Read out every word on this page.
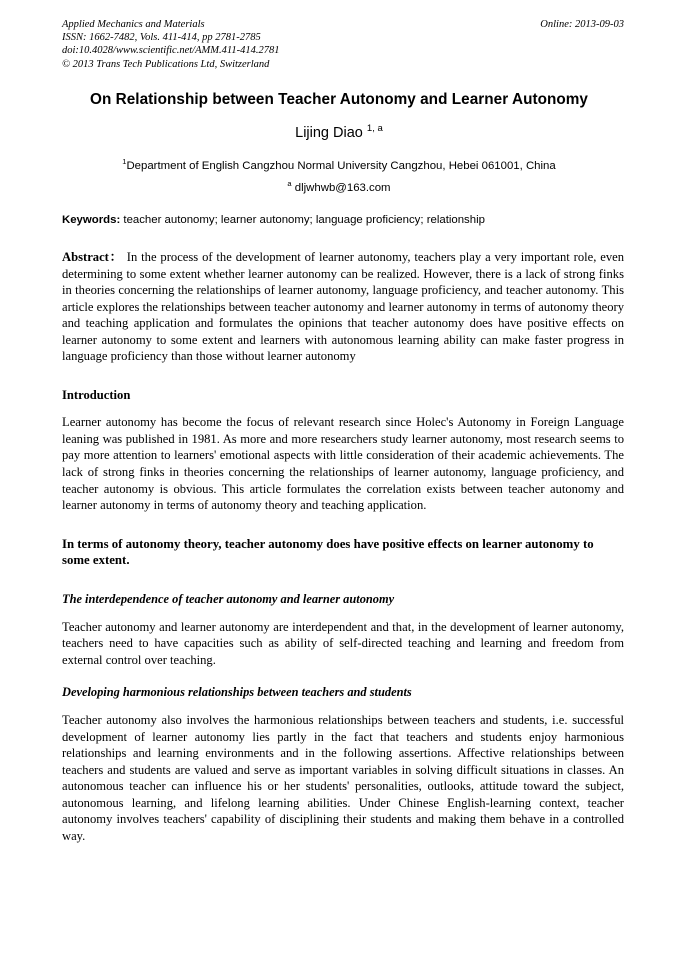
Applied Mechanics and Materials	Online: 2013-09-03
ISSN: 1662-7482, Vols. 411-414, pp 2781-2785
doi:10.4028/www.scientific.net/AMM.411-414.2781
© 2013 Trans Tech Publications Ltd, Switzerland
On Relationship between Teacher Autonomy and Learner Autonomy
Lijing Diao $^{1,}$ $^a$
$^1$Department of English Cangzhou Normal University Cangzhou, Hebei 061001, China
$^a$ dljwhwb@163.com
Keywords: teacher autonomy; learner autonomy; language proficiency; relationship

Abstract： In the process of the development of learner autonomy, teachers play a very important role, even determining to some extent whether learner autonomy can be realized. However, there is a lack of strong finks in theories concerning the relationships of learner autonomy, language proficiency, and teacher autonomy. This article explores the relationships between teacher autonomy and learner autonomy in terms of autonomy theory and teaching application and formulates the opinions that teacher autonomy does have positive effects on learner autonomy to some extent and learners with autonomous learning ability can make faster progress in language proficiency than those without learner autonomy

Introduction

Learner autonomy has become the focus of relevant research since Holec's Autonomy in Foreign Language leaning was published in 1981. As more and more researchers study learner autonomy, most research seems to pay more attention to learners' emotional aspects with little consideration of their academic achievements. The lack of strong finks in theories concerning the relationships of learner autonomy, language proficiency, and teacher autonomy is obvious. This article formulates the correlation exists between teacher autonomy and learner autonomy in terms of autonomy theory and teaching application.

In terms of autonomy theory, teacher autonomy does have positive effects on learner autonomy to some extent.
The interdependence of teacher autonomy and learner autonomy

Teacher autonomy and learner autonomy are interdependent and that, in the development of learner autonomy, teachers need to have capacities such as ability of self-directed teaching and learning and freedom from external control over teaching.

Developing harmonious relationships between teachers and students

Teacher autonomy also involves the harmonious relationships between teachers and students, i.e. successful development of learner autonomy lies partly in the fact that teachers and students enjoy harmonious relationships and learning environments and in the following assertions. Affective relationships between teachers and students are valued and serve as important variables in solving difficult situations in classes. An autonomous teacher can influence his or her students' personalities, outlooks, attitude toward the subject, autonomous learning, and lifelong learning abilities. Under Chinese English-learning context, teacher autonomy involves teachers' capability of disciplining their students and making them behave in a controlled way.
